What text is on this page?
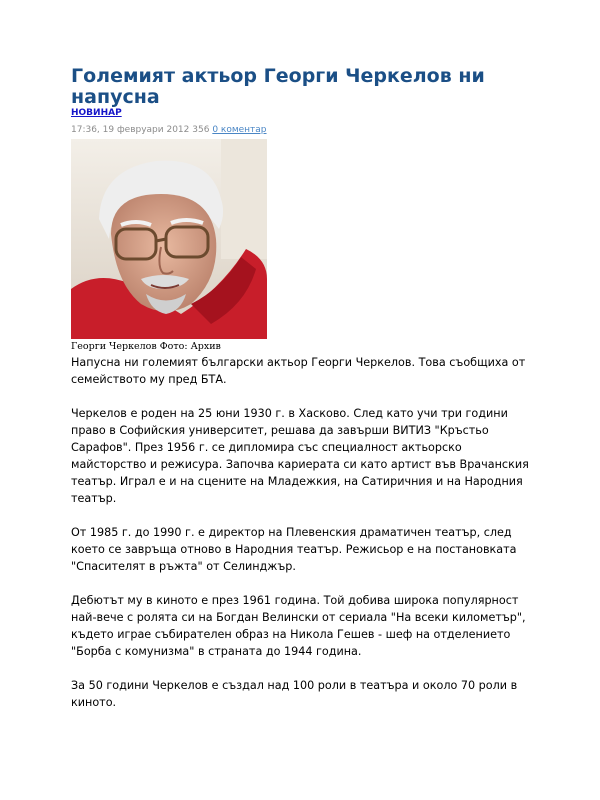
Големият актьор Георги Черкелов ни напусна
НОВИНАР
17:36, 19 февруари 2012 356 0 коментар
Георги Черкелов Фото: Архив

Напусна ни големият български актьор Георги Черкелов. Това съобщиха от семейството му пред БТА.

Черкелов е роден на 25 юни 1930 г. в Хасково. След като учи три години право в Софийския университет, решава да завърши ВИТИЗ "Кръстьо Сарафов". През 1956 г. се дипломира със специалност актьорско майсторство и режисура. Започва кариерата си като артист във Врачанския театър. Играл е и на сцените на Младежкия, на Сатиричния и на Народния театър.

От 1985 г. до 1990 г. е директор на Плевенския драматичен театър, след което се завръща отново в Народния театър. Режисьор е на постановката "Спасителят в ръжта" от Селинджър.

Дебютът му в киното е през 1961 година. Той добива широка популярност най-вече с ролята си на Богдан Велински от сериала "На всеки километър", където играе събирателен образ на Никола Гешев - шеф на отделението "Борба с комунизма" в страната до 1944 година.

За 50 години Черкелов е създал над 100 роли в театъра и около 70 роли в киното.
